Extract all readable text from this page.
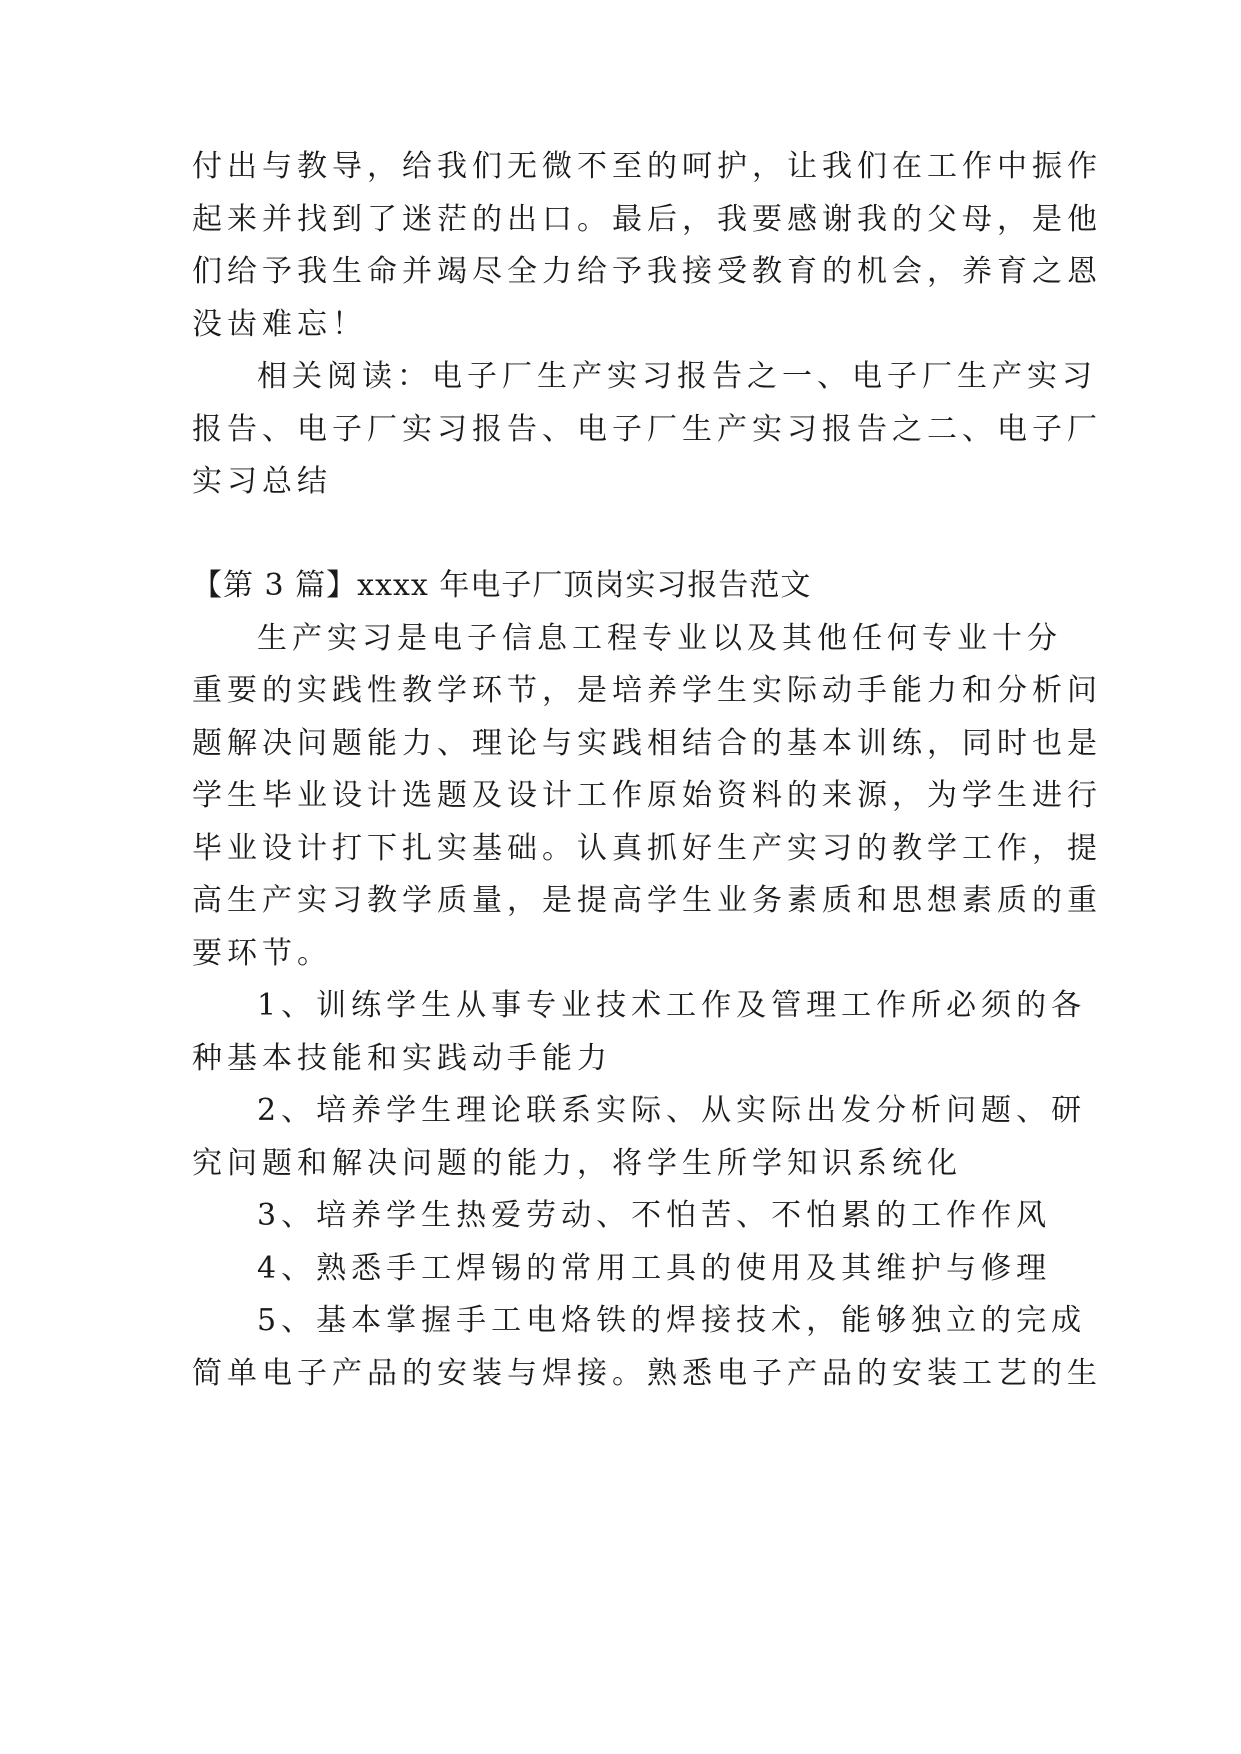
付出与教导，给我们无微不至的呵护，让我们在工作中振作

起来并找到了迷茫的出口。最后，我要感谢我的父母，是他

们给予我生命并竭尽全力给予我接受教育的机会，养育之恩

没齿难忘！

相关阅读：电子厂生产实习报告之一、电子厂生产实习

报告、电子厂实习报告、电子厂生产实习报告之二、电子厂

实习总结

【第 3 篇】xxxx 年电子厂顶岗实习报告范文

生产实习是电子信息工程专业以及其他任何专业十分

重要的实践性教学环节，是培养学生实际动手能力和分析问

题解决问题能力、理论与实践相结合的基本训练，同时也是

学生毕业设计选题及设计工作原始资料的来源，为学生进行

毕业设计打下扎实基础。认真抓好生产实习的教学工作，提

高生产实习教学质量，是提高学生业务素质和思想素质的重

要环节。

1、训练学生从事专业技术工作及管理工作所必须的各

种基本技能和实践动手能力

2、培养学生理论联系实际、从实际出发分析问题、研

究问题和解决问题的能力，将学生所学知识系统化

3、培养学生热爱劳动、不怕苦、不怕累的工作作风

4、熟悉手工焊锡的常用工具的使用及其维护与修理

5、基本掌握手工电烙铁的焊接技术，能够独立的完成

简单电子产品的安装与焊接。熟悉电子产品的安装工艺的生
